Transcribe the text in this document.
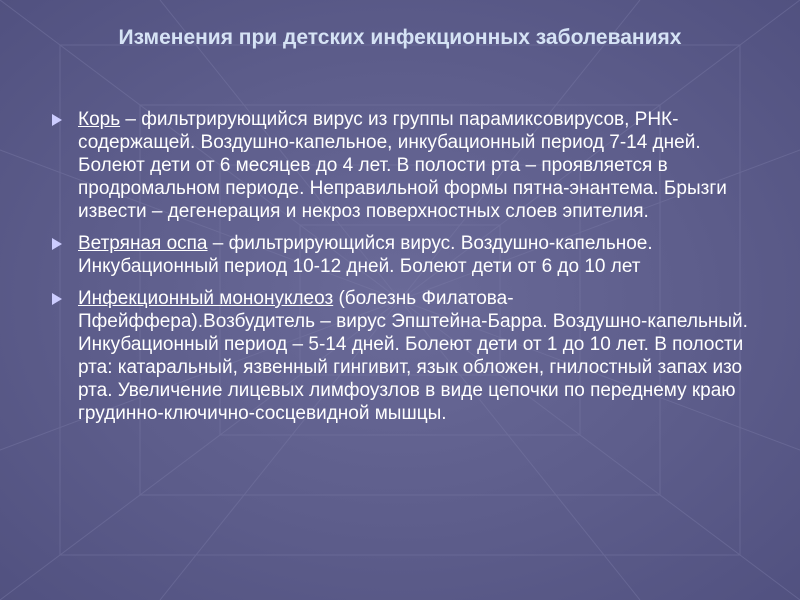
Изменения при детских инфекционных заболеваниях
Корь – фильтрирующийся вирус из группы парамиксовирусов, РНК-содержащей. Воздушно-капельное, инкубационный период 7-14 дней. Болеют дети от 6 месяцев до 4 лет. В полости рта – проявляется в продромальном периоде. Неправильной формы пятна-энантема. Брызги извести – дегенерация и некроз поверхностных слоев эпителия.
Ветряная оспа – фильтрирующийся вирус. Воздушно-капельное. Инкубационный период 10-12 дней. Болеют дети от 6 до 10 лет
Инфекционный мононуклеоз (болезнь Филатова-Пфейффера).Возбудитель – вирус Эпштейна-Барра. Воздушно-капельный. Инкубационный период – 5-14 дней. Болеют дети от 1 до 10 лет. В полости рта: катаральный, язвенный гингивит, язык обложен, гнилостный запах изо рта. Увеличение лицевых лимфоузлов в виде цепочки по переднему краю грудинно-ключично-сосцевидной мышцы.
